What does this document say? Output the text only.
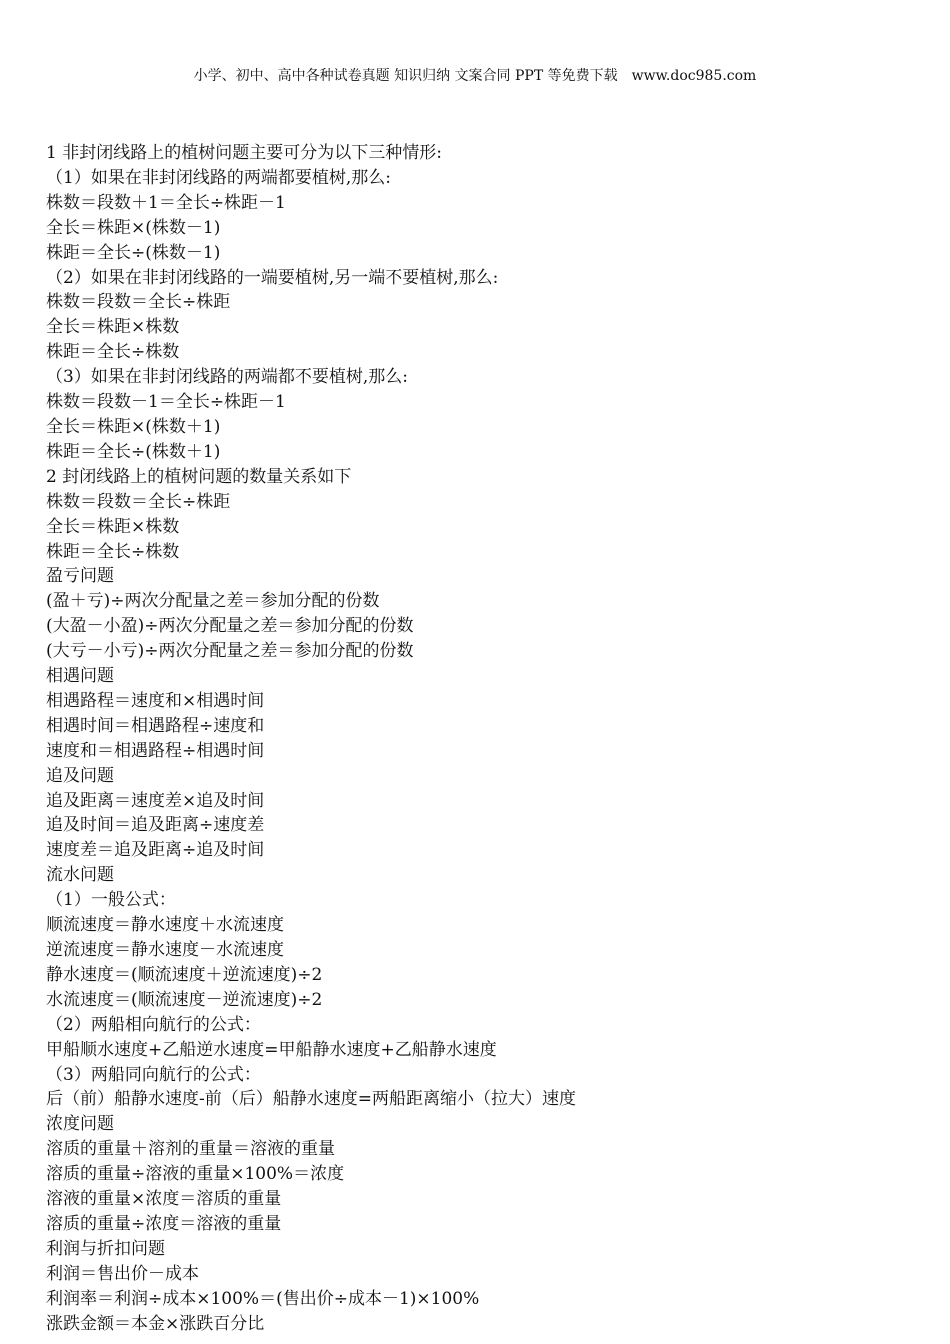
小学、初中、高中各种试卷真题 知识归纳 文案合同 PPT 等免费下载 www.doc985.com
1 非封闭线路上的植树问题主要可分为以下三种情形:
（1）如果在非封闭线路的两端都要植树,那么:
株数＝段数＋1＝全长÷株距－1
全长＝株距×(株数－1)
株距＝全长÷(株数－1)
（2）如果在非封闭线路的一端要植树,另一端不要植树,那么:
株数＝段数＝全长÷株距
全长＝株距×株数
株距＝全长÷株数
（3）如果在非封闭线路的两端都不要植树,那么:
株数＝段数－1＝全长÷株距－1
全长＝株距×(株数＋1)
株距＝全长÷(株数＋1)
2 封闭线路上的植树问题的数量关系如下
株数＝段数＝全长÷株距
全长＝株距×株数
株距＝全长÷株数
盈亏问题
(盈＋亏)÷两次分配量之差＝参加分配的份数
(大盈－小盈)÷两次分配量之差＝参加分配的份数
(大亏－小亏)÷两次分配量之差＝参加分配的份数
相遇问题
相遇路程＝速度和×相遇时间
相遇时间＝相遇路程÷速度和
速度和＝相遇路程÷相遇时间
追及问题
追及距离＝速度差×追及时间
追及时间＝追及距离÷速度差
速度差＝追及距离÷追及时间
流水问题
（1）一般公式：
顺流速度＝静水速度＋水流速度
逆流速度＝静水速度－水流速度
静水速度＝(顺流速度＋逆流速度)÷2
水流速度＝(顺流速度－逆流速度)÷2
（2）两船相向航行的公式：
甲船顺水速度+乙船逆水速度=甲船静水速度+乙船静水速度
（3）两船同向航行的公式：
后（前）船静水速度-前（后）船静水速度=两船距离缩小（拉大）速度
浓度问题
溶质的重量＋溶剂的重量＝溶液的重量
溶质的重量÷溶液的重量×100%＝浓度
溶液的重量×浓度＝溶质的重量
溶质的重量÷浓度＝溶液的重量
利润与折扣问题
利润＝售出价－成本
利润率＝利润÷成本×100%＝(售出价÷成本－1)×100%
涨跌金额＝本金×涨跌百分比
